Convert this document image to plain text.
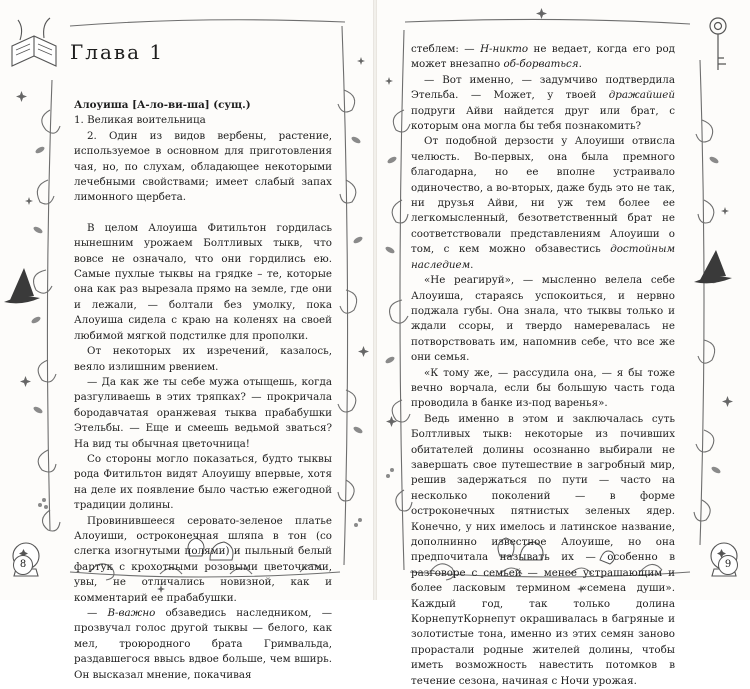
Глава 1

Алоуиша [А-ло-ви-ша] (сущ.)

1. Великая воительница

2. Один из видов вербены, растение, используемое в основном для приготовления чая, но, по слухам, обладающее некоторыми лечебными свойствами; имеет слабый запах лимонного щербета.

В целом Алоуиша Фитильтон гордилась нынешним урожаем Болтливых тыкв, что вовсе не означало, что они гордились ею. Самые пухлые тыквы на грядке – те, которые она как раз вырезала прямо на земле, где они и лежали, — болтали без умолку, пока Алоуиша сидела с краю на коленях на своей любимой мягкой подстилке для прополки.

От некоторых их изречений, казалось, веяло излишним рвением.

— Да как же ты себе мужа отыщешь, когда разгуливаешь в этих тряпках? — прокричала бородавчатая оранжевая тыква прабабушки Этельбы. — Еще и смеешь ведьмой зваться? На вид ты обычная цветочница!

Со стороны могло показаться, будто тыквы рода Фитильтон видят Алоуишу впервые, хотя на деле их появление было частью ежегодной традиции долины.

Провинившееся серовато-зеленое платье Алоуиши, остроконечная шляпа в тон (со слегка изогнутыми полями) и пыльный белый фартук с крохотными розовыми цветочками, увы, не отличались новизной, как и комментарий ее прабабушки.

— В-важно обзаведись наследником, — прозвучал голос другой тыквы — белого, как мел, троюродного брата Гримвальда, раздавшегося ввысь вдвое больше, чем вширь. Он высказал мнение, покачивая

8

стеблем: — Н-никто не ведает, когда его род может внезапно об-борваться.

— Вот именно, — задумчиво подтвердила Этельба. — Может, у твоей дражайшей подруги Айви найдется друг или брат, с которым она могла бы тебя познакомить?

От подобной дерзости у Алоуиши отвисла челюсть. Во-первых, она была премного благодарна, но ее вполне устраивало одиночество, а во-вторых, даже будь это не так, ни друзья Айви, ни уж тем более ее легкомысленный, безответственный брат не соответствовали представлениям Алоуиши о том, с кем можно обзавестись достойным наследием.

«Не реагируй», — мысленно велела себе Алоуиша, стараясь успокоиться, и нервно поджала губы. Она знала, что тыквы только и ждали ссоры, и твердо намеревалась не потворствовать им, напомнив себе, что все же они семья.

«К тому же, — рассудила она, — я бы тоже вечно ворчала, если бы большую часть года проводила в банке из-под варенья».

Ведь именно в этом и заключалась суть Болтливых тыкв: некоторые из почивших обитателей долины осознанно выбирали не завершать свое путешествие в загробный мир, решив задержаться по пути — часто на несколько поколений — в форме остроконечных пятнистых зеленых ядер. Конечно, у них имелось и латинское название, дополнинно известное Алоуише, но она предпочитала называть их — особенно в разговоре с семьей — менее устрашающим и более ласковым термином «семена души». Каждый год, так только долина КорнепутКорнепут окрашивалась в багряные и золотистые тона, именно из этих семян заново прорастали родные жителей долины, чтобы иметь возможность навестить потомков в течение сезона, начиная с Ночи урожая.

9
